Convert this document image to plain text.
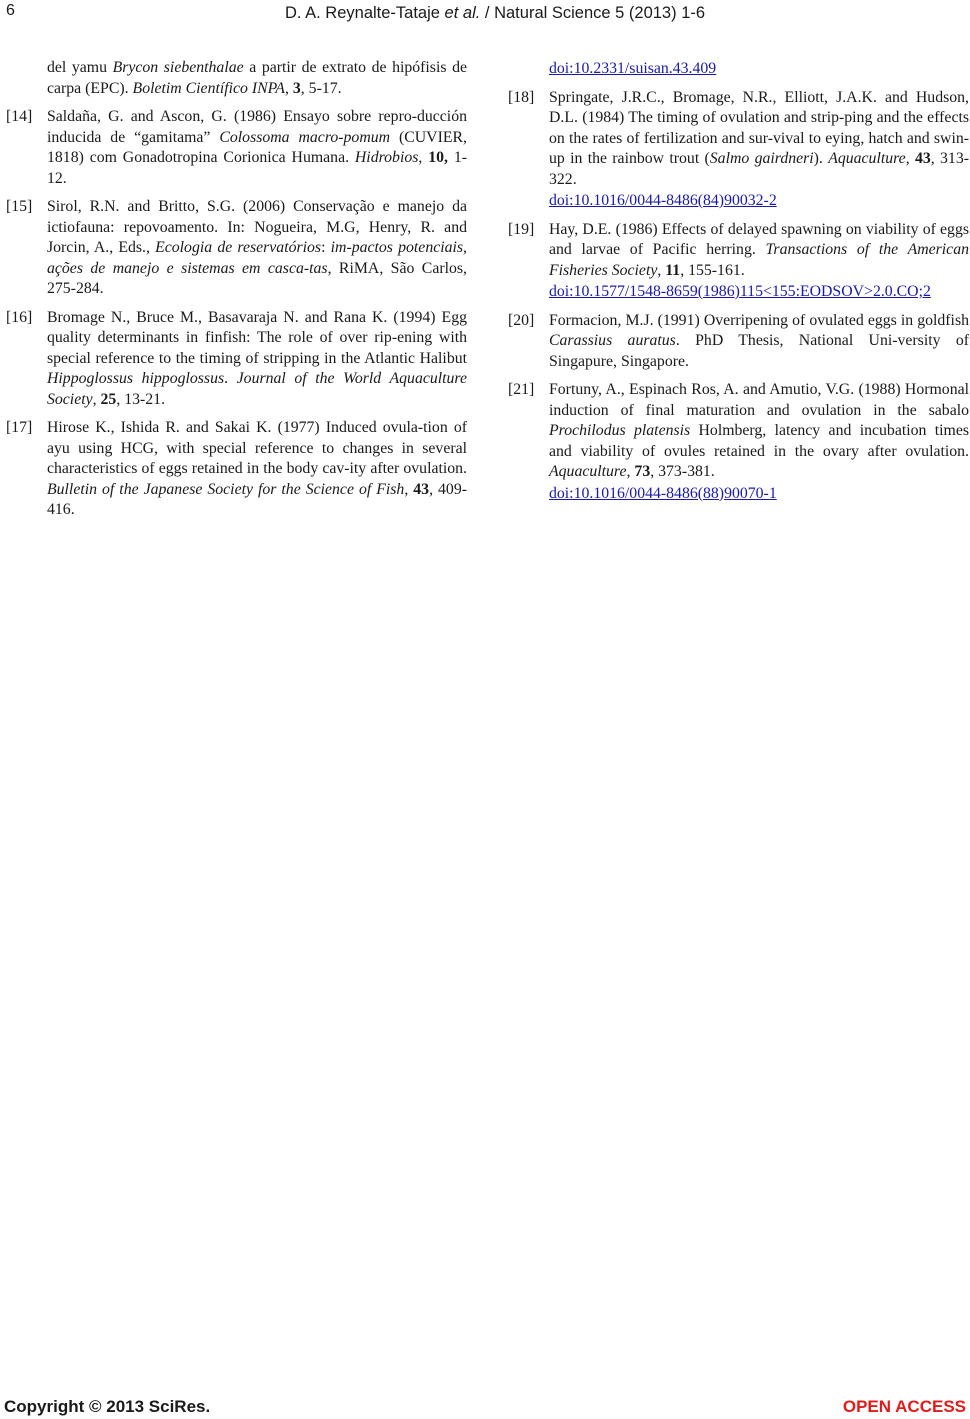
6	D. A. Reynalte-Tataje et al. / Natural Science 5 (2013) 1-6
del yamu Brycon siebenthalae a partir de extrato de hipófisis de carpa (EPC). Boletim Científico INPA, 3, 5-17.
[14] Saldaña, G. and Ascon, G. (1986) Ensayo sobre repro-ducción inducida de “gamitama” Colossoma macro-pomum (CUVIER, 1818) com Gonadotropina Corionica Humana. Hidrobios, 10, 1-12.
[15] Sirol, R.N. and Britto, S.G. (2006) Conservação e manejo da ictiofauna: repovoamento. In: Nogueira, M.G, Henry, R. and Jorcin, A., Eds., Ecologia de reservatórios: im-pactos potenciais, ações de manejo e sistemas em casca-tas, RiMA, São Carlos, 275-284.
[16] Bromage N., Bruce M., Basavaraja N. and Rana K. (1994) Egg quality determinants in finfish: The role of over rip-ening with special reference to the timing of stripping in the Atlantic Halibut Hippoglossus hippoglossus. Journal of the World Aquaculture Society, 25, 13-21.
[17] Hirose K., Ishida R. and Sakai K. (1977) Induced ovula-tion of ayu using HCG, with special reference to changes in several characteristics of eggs retained in the body cav-ity after ovulation. Bulletin of the Japanese Society for the Science of Fish, 43, 409-416.
doi:10.2331/suisan.43.409
[18] Springate, J.R.C., Bromage, N.R., Elliott, J.A.K. and Hudson, D.L. (1984) The timing of ovulation and strip-ping and the effects on the rates of fertilization and sur-vival to eying, hatch and swin-up in the rainbow trout (Salmo gairdneri). Aquaculture, 43, 313-322.
doi:10.1016/0044-8486(84)90032-2
[19] Hay, D.E. (1986) Effects of delayed spawning on viability of eggs and larvae of Pacific herring. Transactions of the American Fisheries Society, 11, 155-161.
doi:10.1577/1548-8659(1986)115<155:EODSOV>2.0.CO;2
[20] Formacion, M.J. (1991) Overripening of ovulated eggs in goldfish Carassius auratus. PhD Thesis, National Uni-versity of Singapure, Singapore.
[21] Fortuny, A., Espinach Ros, A. and Amutio, V.G. (1988) Hormonal induction of final maturation and ovulation in the sabalo Prochilodus platensis Holmberg, latency and incubation times and viability of ovules retained in the ovary after ovulation. Aquaculture, 73, 373-381.
doi:10.1016/0044-8486(88)90070-1
Copyright © 2013 SciRes.	OPEN ACCESS
